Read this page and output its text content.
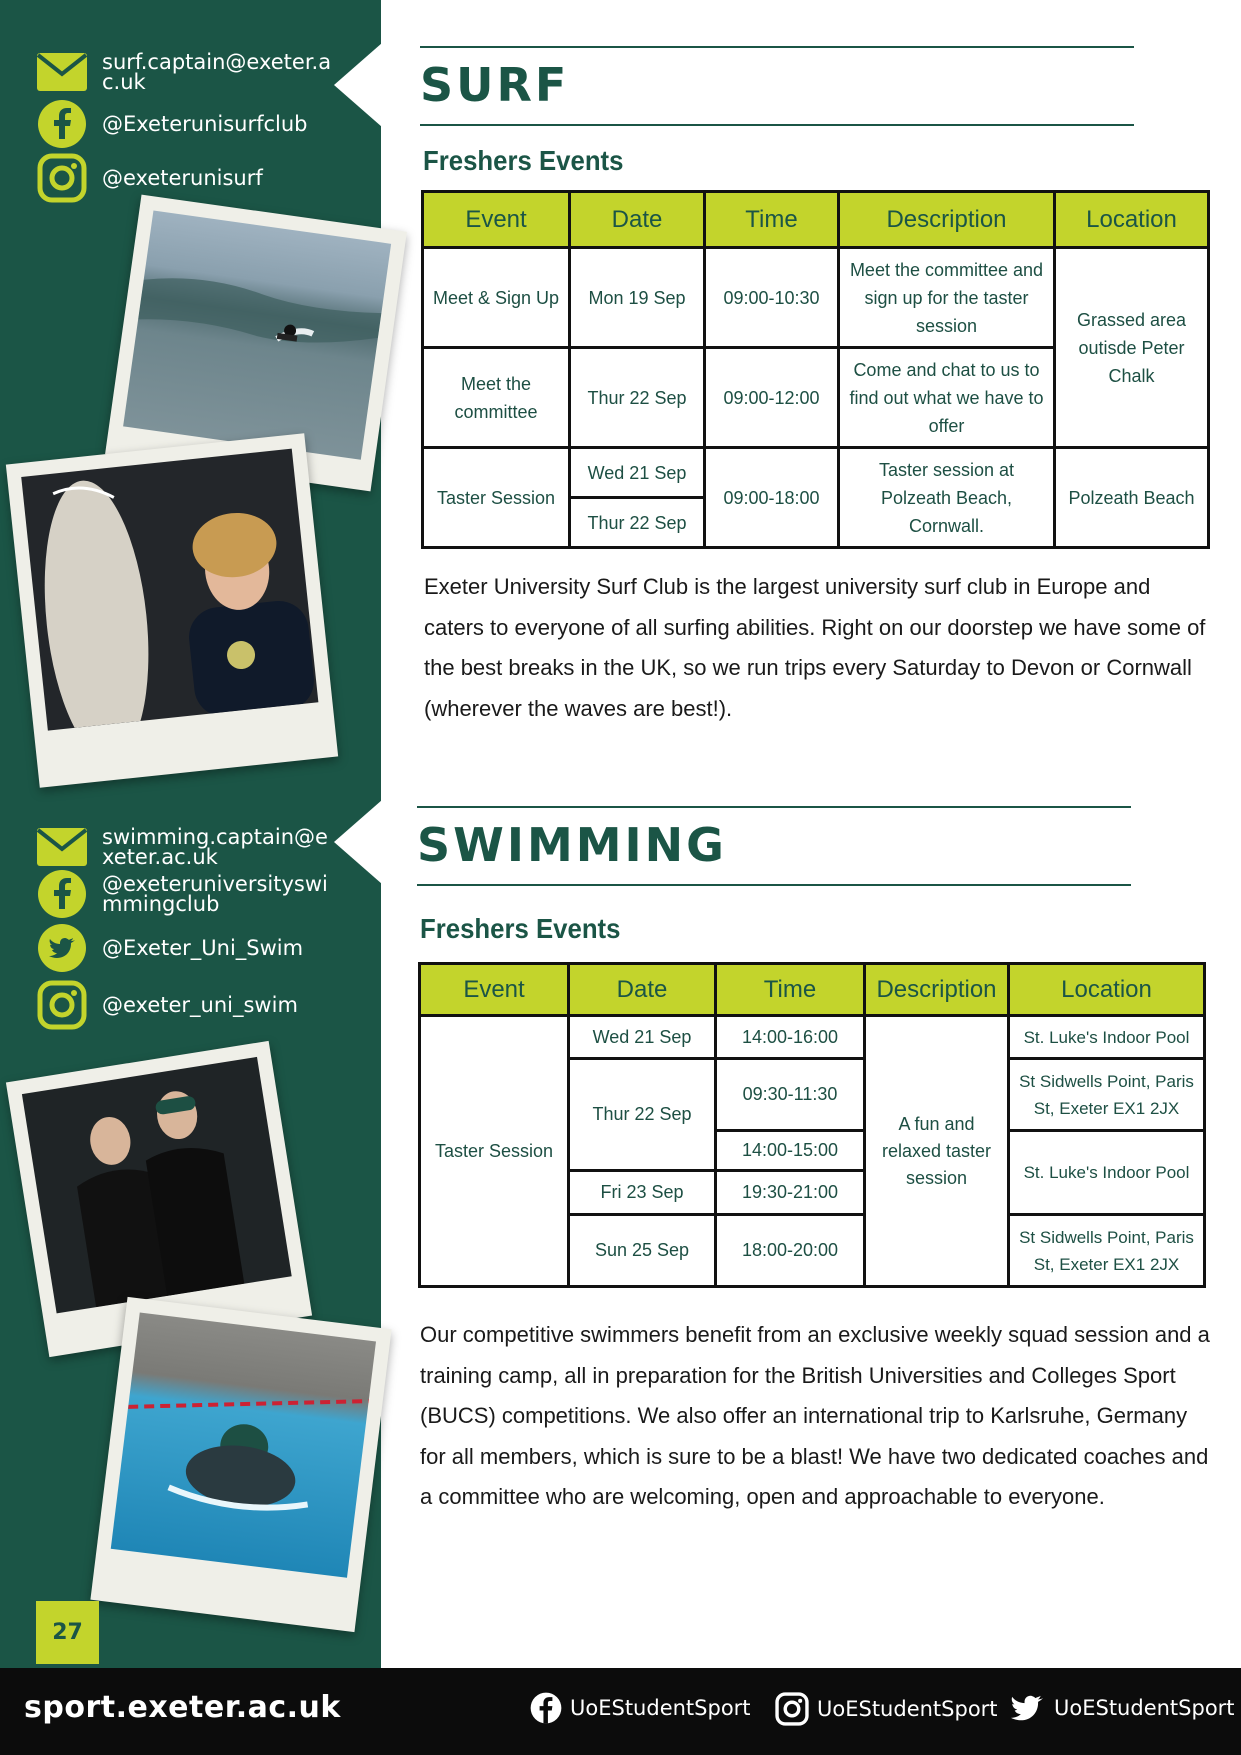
surf.captain@exeter.ac.uk
@Exeterunisurfclub
@exeterunisurf
swimming.captain@exeter.ac.uk
@exeteruniversityswimmingclub
@Exeter_Uni_Swim
@exeter_uni_swim
27
SURF
Freshers Events
Event	Date	Time	Description	Location
Meet & Sign Up	Mon 19 Sep	09:00-10:30	Meet the committee and sign up for the taster session	Grassed area outisde Peter Chalk
Meet the committee	Thur 22 Sep	09:00-12:00	Come and chat to us to find out what we have to offer	
Taster Session	Wed 21 Sep	09:00-18:00	Taster session at Polzeath Beach, Cornwall.	Polzeath Beach
	Thur 22 Sep			
Exeter University Surf Club is the largest university surf club in Europe and caters to everyone of all surfing abilities. Right on our doorstep we have some of the best breaks in the UK, so we run trips every Saturday to Devon or Cornwall (wherever the waves are best!).
SWIMMING
Freshers Events
Event	Date	Time	Description	Location
Taster Session	Wed 21 Sep	14:00-16:00	A fun and relaxed taster session	St. Luke's Indoor Pool
	Thur 22 Sep	09:30-11:30		St Sidwells Point, Paris St, Exeter EX1 2JX
		14:00-15:00		St. Luke's Indoor Pool
	Fri 23 Sep	19:30-21:00		
	Sun 25 Sep	18:00-20:00		St Sidwells Point, Paris St, Exeter EX1 2JX
Our competitive swimmers benefit from an exclusive weekly squad session and a training camp, all in preparation for the British Universities and Colleges Sport (BUCS) competitions. We also offer an international trip to Karlsruhe, Germany for all members, which is sure to be a blast! We have two dedicated coaches and a committee who are welcoming, open and approachable to everyone.
sport.exeter.ac.uk	UoEStudentSport	UoEStudentSport	UoEStudentSport
